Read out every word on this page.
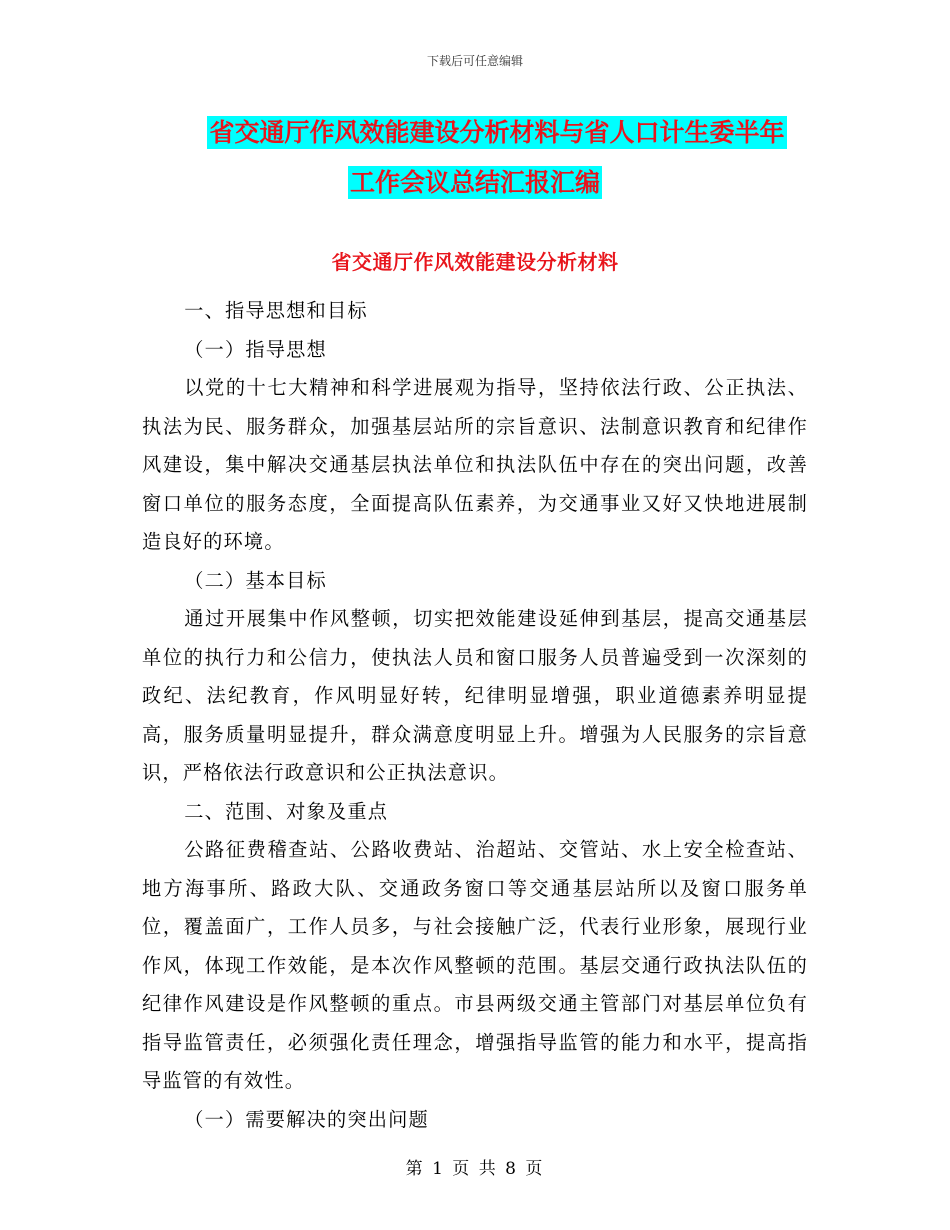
下载后可任意编辑
省交通厅作风效能建设分析材料与省人口计生委半年
工作会议总结汇报汇编
省交通厅作风效能建设分析材料

一、指导思想和目标

（一）指导思想

以党的十七大精神和科学进展观为指导，坚持依法行政、公正执法、执法为民、服务群众，加强基层站所的宗旨意识、法制意识教育和纪律作风建设，集中解决交通基层执法单位和执法队伍中存在的突出问题，改善窗口单位的服务态度，全面提高队伍素养，为交通事业又好又快地进展制造良好的环境。

（二）基本目标

通过开展集中作风整顿，切实把效能建设延伸到基层，提高交通基层单位的执行力和公信力，使执法人员和窗口服务人员普遍受到一次深刻的政纪、法纪教育，作风明显好转，纪律明显增强，职业道德素养明显提高，服务质量明显提升，群众满意度明显上升。增强为人民服务的宗旨意识，严格依法行政意识和公正执法意识。

二、范围、对象及重点

公路征费稽查站、公路收费站、治超站、交管站、水上安全检查站、地方海事所、路政大队、交通政务窗口等交通基层站所以及窗口服务单位，覆盖面广，工作人员多，与社会接触广泛，代表行业形象，展现行业作风，体现工作效能，是本次作风整顿的范围。基层交通行政执法队伍的纪律作风建设是作风整顿的重点。市县两级交通主管部门对基层单位负有指导监管责任，必须强化责任理念，增强指导监管的能力和水平，提高指导监管的有效性。

（一）需要解决的突出问题

第 1 页 共 8 页
